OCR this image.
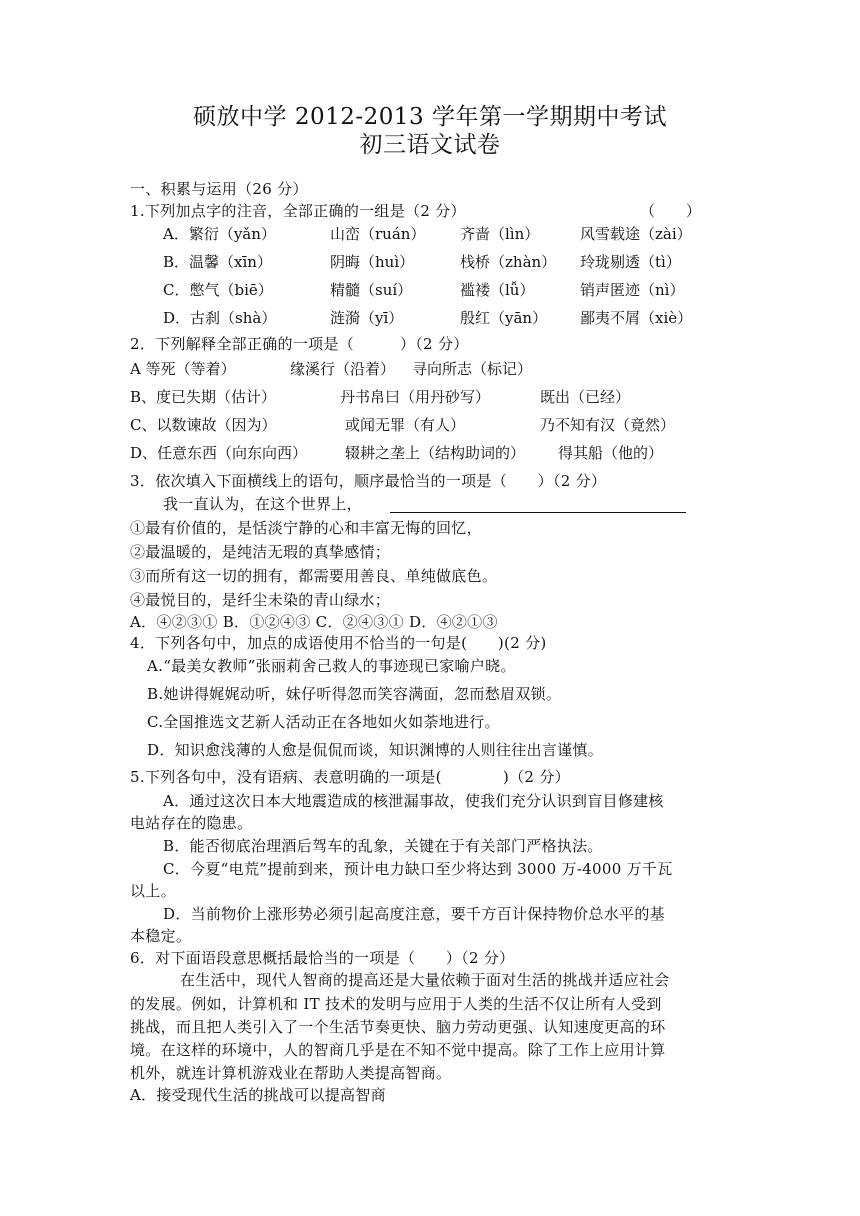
硕放中学 2012-2013 学年第一学期期中考试
初三语文试卷
一、积累与运用（26 分）
1.下列加点字的注音，全部正确的一组是（2 分）	（　　）
A．繁衍（yǎn）	山峦（ruán） 齐啬（lìn）	风雪载途（zài）
B．温馨（xīn）	阴晦（huì）	栈桥（zhàn） 玲珑剔透（tì）
C．憋气（biē）	精髓（suí）	褴褛（lǚ）	销声匿迹（nì）
D．古刹（shà）	涟漪（yī）	殷红（yān） 鄙夷不屑（xiè）
2．下列解释全部正确的一项是（　　　）（2 分）
A 等死（等着）	缘溪行（沿着） 寻向所志（标记）
B、度已失期（估计）	丹书帛曰（用丹砂写）	既出（已经）
C、以数谏故（因为）	或闻无罪（有人）	乃不知有汉（竟然）
D、任意东西（向东向西）	辍耕之垄上（结构助词的） 得其船（他的）
3．依次填入下面横线上的语句，顺序最恰当的一项是（　　）（2 分）
我一直认为，在这个世界上，
①最有价值的，是恬淡宁静的心和丰富无悔的回忆，
②最温暖的，是纯洁无瑕的真挚感情；
③而所有这一切的拥有，都需要用善良、单纯做底色。
④最悦目的，是纤尘未染的青山绿水；
A．④②③① B．①②④③ C．②④③① D．④②①③
4．下列各句中，加点的成语使用不恰当的一句是(　　)(2 分)
A.“最美女教师”张丽莉舍己救人的事迹现已家喻户晓。
B.她讲得娓娓动听，妹仔听得忽而笑容满面，忽而愁眉双锁。
C.全国推选文艺新人活动正在各地如火如荼地进行。
D．知识愈浅薄的人愈是侃侃而谈，知识渊博的人则往往出言谨慎。
5.下列各句中，没有语病、表意明确的一项是(　　　　)（2 分）
A．通过这次日本大地震造成的核泄漏事故，使我们充分认识到盲目修建核
电站存在的隐患。
B．能否彻底治理酒后驾车的乱象，关键在于有关部门严格执法。
C．今夏“电荒”提前到来，预计电力缺口至少将达到 3000 万-4000 万千瓦
以上。
D．当前物价上涨形势必须引起高度注意，要千方百计保持物价总水平的基
本稳定。
6．对下面语段意思概括最恰当的一项是（　　）（2 分）
在生活中，现代人智商的提高还是大量依赖于面对生活的挑战并适应社会
的发展。例如，计算机和 IT 技术的发明与应用于人类的生活不仅让所有人受到
挑战，而且把人类引入了一个生活节奏更快、脑力劳动更强、认知速度更高的环
境。在这样的环境中，人的智商几乎是在不知不觉中提高。除了工作上应用计算
机外，就连计算机游戏业在帮助人类提高智商。
A．接受现代生活的挑战可以提高智商
